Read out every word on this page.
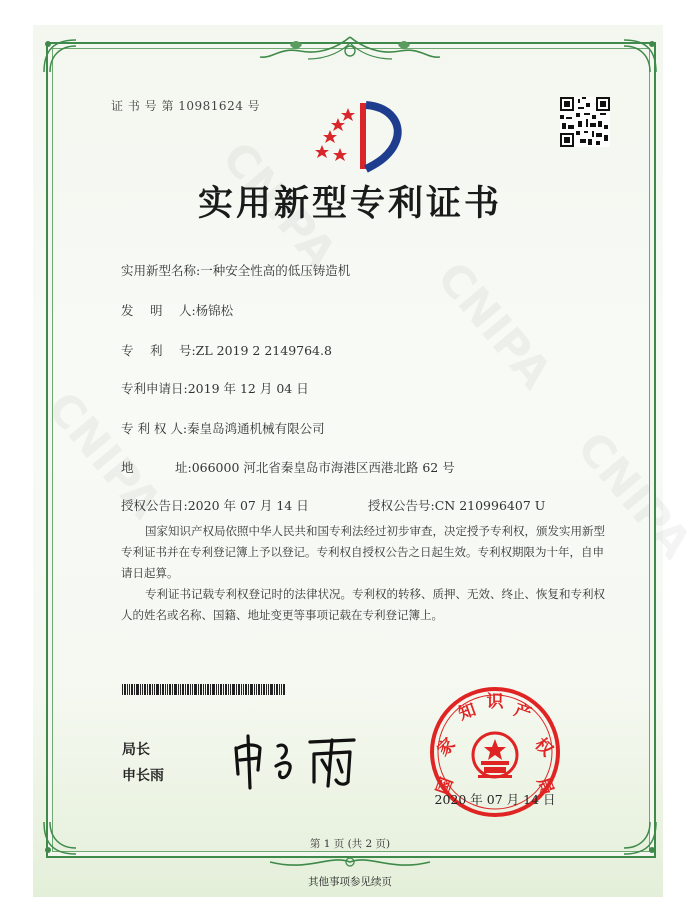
证 书 号 第 10981624 号
实用新型专利证书
实用新型名称:一种安全性高的低压铸造机
发　 明　 人:杨锦松
专　 利　 号:ZL 2019 2 2149764.8
专利申请日:2019 年 12 月 04 日
专 利 权 人:秦皇岛鸿通机械有限公司
地　　　 址:066000 河北省秦皇岛市海港区西港北路 62 号
授权公告日:2020 年 07 月 14 日	授权公告号:CN 210996407 U
国家知识产权局依照中华人民共和国专利法经过初步审查，决定授予专利权，颁发实用新型专利证书并在专利登记簿上予以登记。专利权自授权公告之日起生效。专利权期限为十年，自申请日起算。
专利证书记载专利权登记时的法律状况。专利权的转移、质押、无效、终止、恢复和专利权人的姓名或名称、国籍、地址变更等事项记载在专利登记簿上。
局长
申长雨	国
家
知 识 产
权
局
2020 年 07 月 14 日
第 1 页 (共 2 页)
其他事项参见续页
